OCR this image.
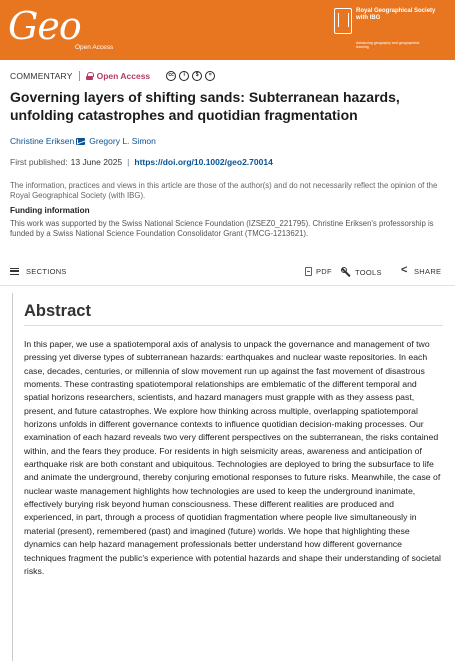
Geo
Open Access
Royal Geographical Society with IBG
Advancing geography and geographical learning
COMMENTARY	Open Access	cc	i	$	=
Governing layers of shifting sands: Subterranean hazards, unfolding catastrophes and quotidian fragmentation
Christine Eriksen Gregory L. Simon
First published: 13 June 2025 | https://doi.org/10.1002/geo2.70014

The information, practices and views in this article are those of the author(s) and do not necessarily reflect the opinion of the Royal Geographical Society (with IBG).

Funding information

This work was supported by the Swiss National Science Foundation (IZSEZ0_221795). Christine Eriksen's professorship is funded by a Swiss National Science Foundation Consolidator Grant (TMCG-1213621).

SECTIONS	PDF	TOOLS
<	SHARE
Abstract

In this paper, we use a spatiotemporal axis of analysis to unpack the governance and management of two pressing yet diverse types of subterranean hazards: earthquakes and nuclear waste repositories. In each case, decades, centuries, or millennia of slow movement run up against the fast movement of disastrous moments. These contrasting spatiotemporal relationships are emblematic of the different temporal and spatial horizons researchers, scientists, and hazard managers must grapple with as they assess past, present, and future catastrophes. We explore how thinking across multiple, overlapping spatiotemporal horizons unfolds in different governance contexts to influence quotidian decision-making processes. Our examination of each hazard reveals two very different perspectives on the subterranean, the risks contained within, and the fears they produce. For residents in high seismicity areas, awareness and anticipation of earthquake risk are both constant and ubiquitous. Technologies are deployed to bring the subsurface to life and animate the underground, thereby conjuring emotional responses to future risks. Meanwhile, the case of nuclear waste management highlights how technologies are used to keep the underground inanimate, effectively burying risk beyond human consciousness. These different realities are produced and experienced, in part, through a process of quotidian fragmentation where people live simultaneously in material (present), remembered (past) and imagined (future) worlds. We hope that highlighting these dynamics can help hazard management professionals better understand how different governance techniques fragment the public's experience with potential hazards and shape their understanding of societal risks.
